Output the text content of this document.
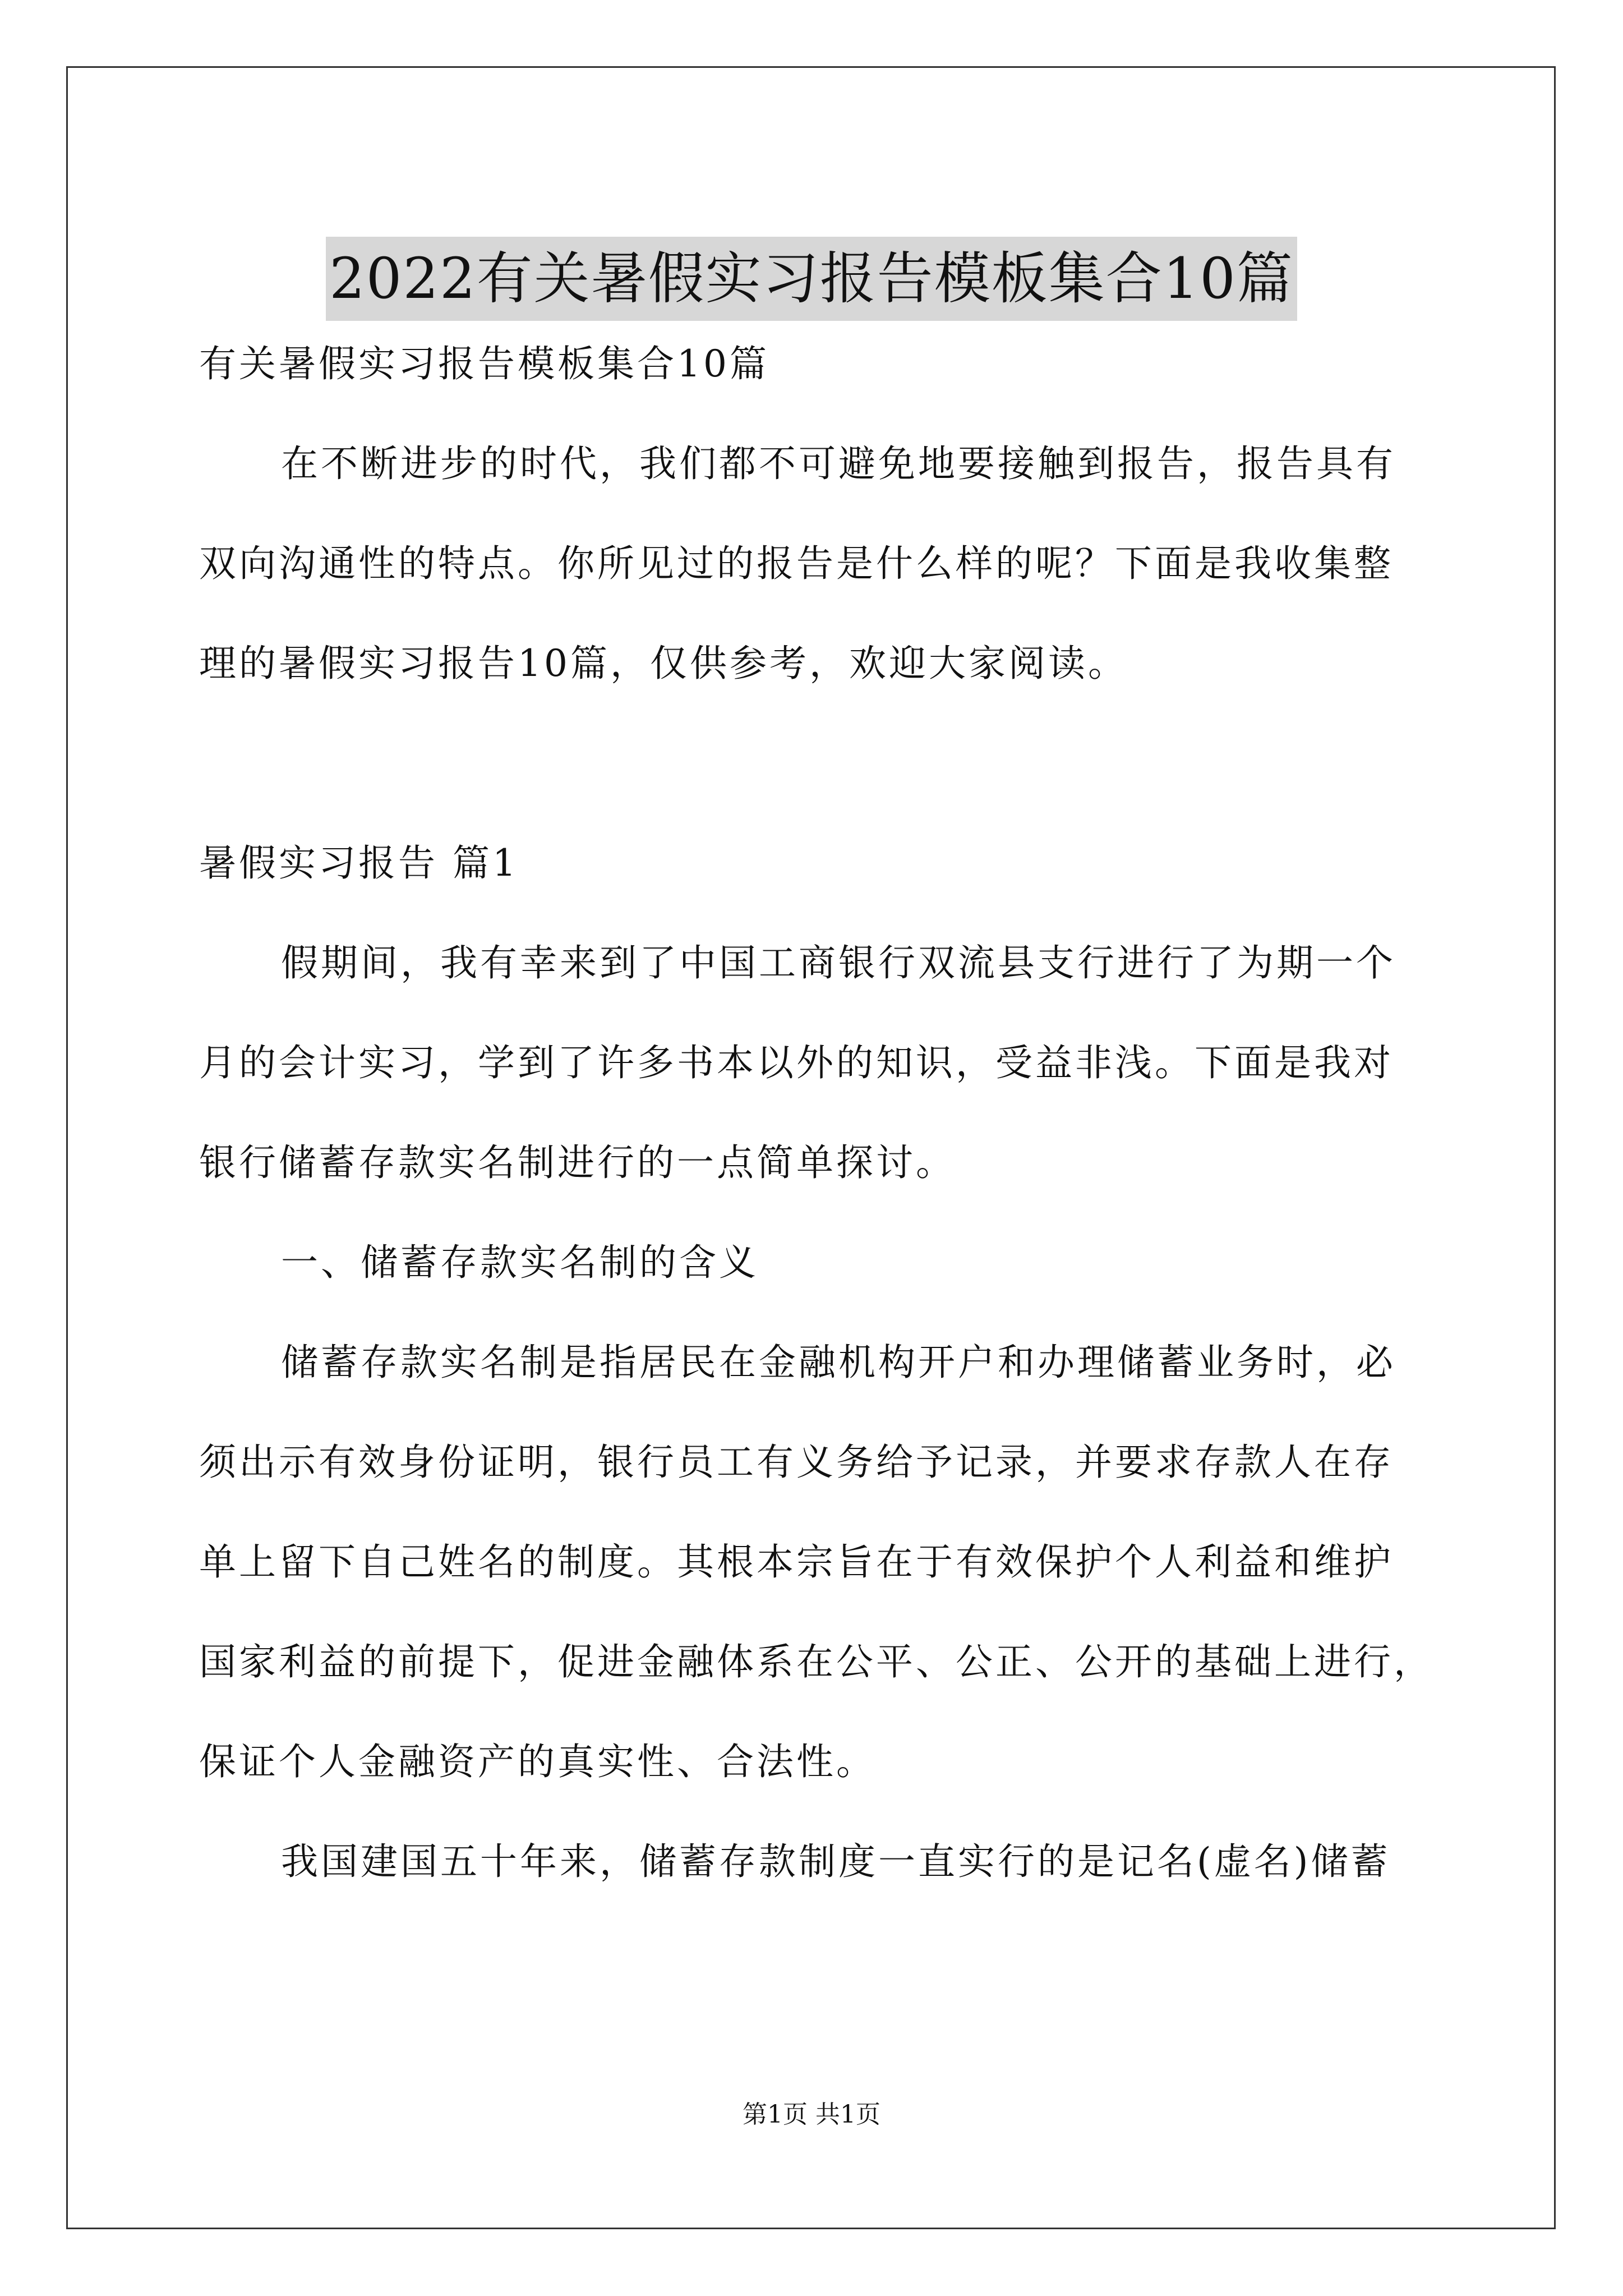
2022有关暑假实习报告模板集合10篇
有关暑假实习报告模板集合10篇
在不断进步的时代，我们都不可避免地要接触到报告，报告具有
双向沟通性的特点。你所见过的报告是什么样的呢？下面是我收集整
理的暑假实习报告10篇，仅供参考，欢迎大家阅读。
暑假实习报告 篇1
假期间，我有幸来到了中国工商银行双流县支行进行了为期一个
月的会计实习，学到了许多书本以外的知识，受益非浅。下面是我对
银行储蓄存款实名制进行的一点简单探讨。
一、储蓄存款实名制的含义
储蓄存款实名制是指居民在金融机构开户和办理储蓄业务时，必
须出示有效身份证明，银行员工有义务给予记录，并要求存款人在存
单上留下自己姓名的制度。其根本宗旨在于有效保护个人利益和维护
国家利益的前提下，促进金融体系在公平、公正、公开的基础上进行，
保证个人金融资产的真实性、合法性。
我国建国五十年来，储蓄存款制度一直实行的是记名(虚名)储蓄
第1页 共1页
